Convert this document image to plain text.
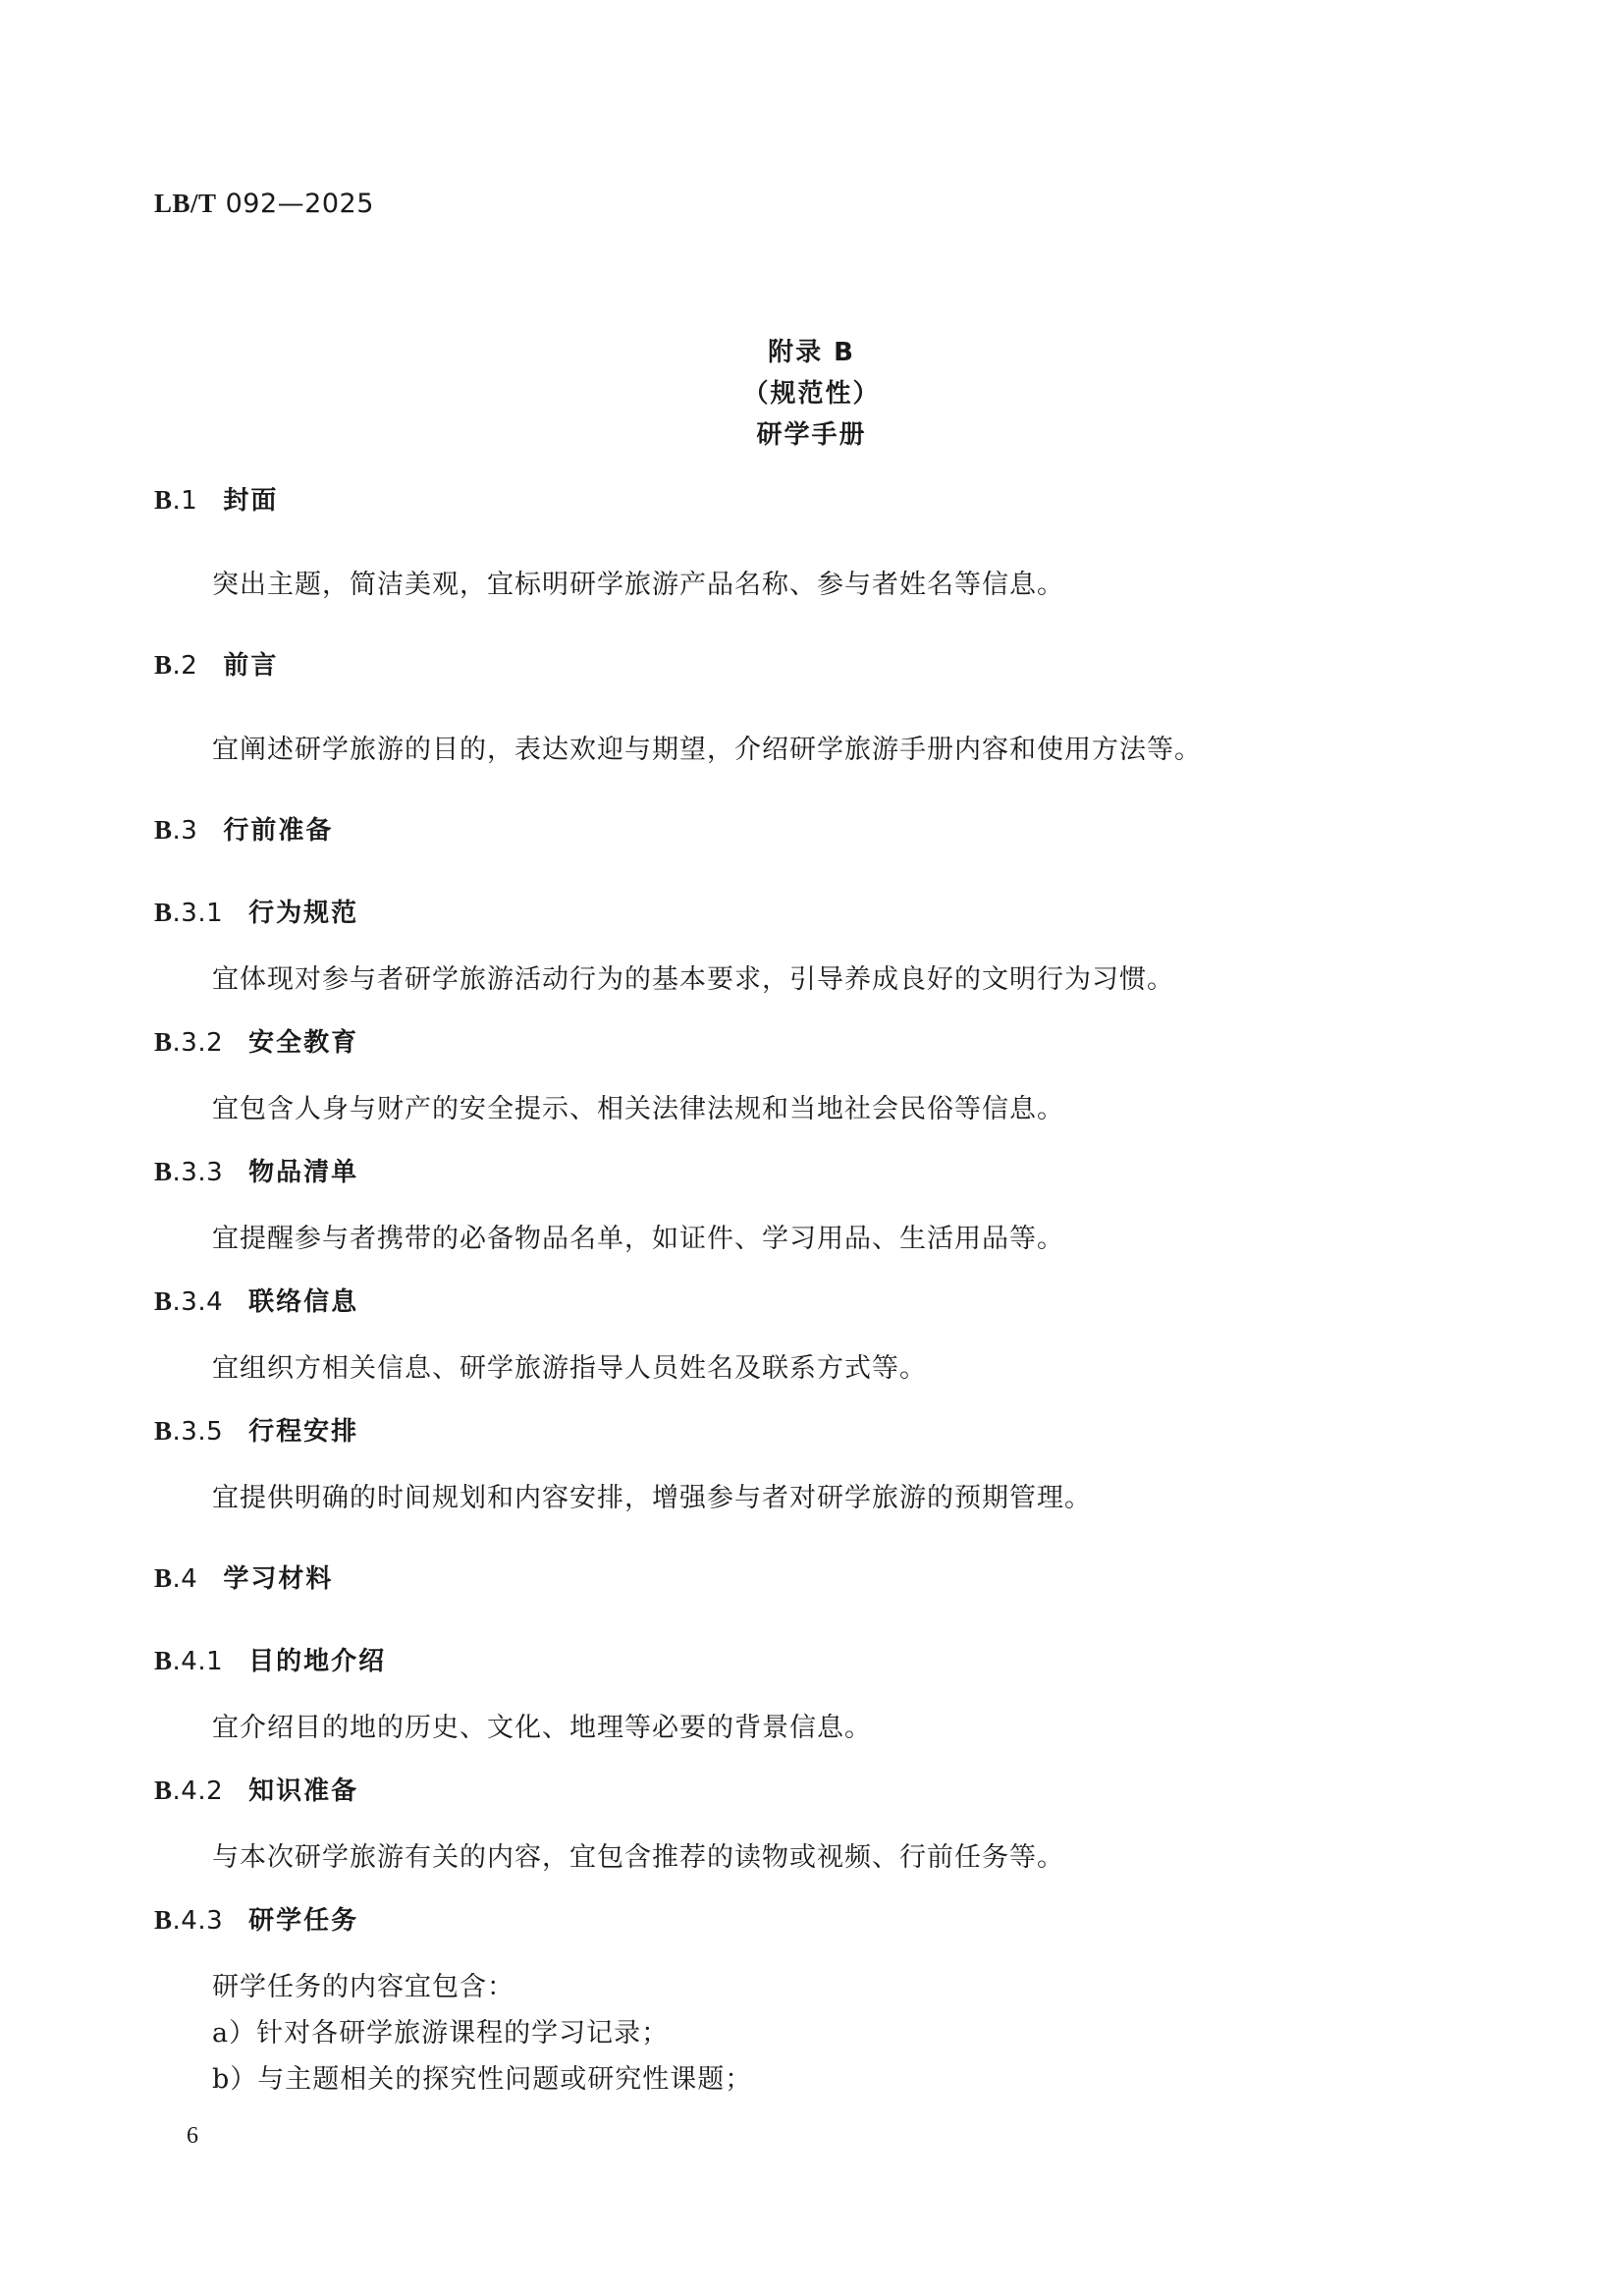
LB/T 092—2025
附录 B
（规范性）
研学手册
B.1 封面
突出主题，简洁美观，宜标明研学旅游产品名称、参与者姓名等信息。
B.2 前言
宜阐述研学旅游的目的，表达欢迎与期望，介绍研学旅游手册内容和使用方法等。
B.3 行前准备
B.3.1 行为规范
宜体现对参与者研学旅游活动行为的基本要求，引导养成良好的文明行为习惯。
B.3.2 安全教育
宜包含人身与财产的安全提示、相关法律法规和当地社会民俗等信息。
B.3.3 物品清单
宜提醒参与者携带的必备物品名单，如证件、学习用品、生活用品等。
B.3.4 联络信息
宜组织方相关信息、研学旅游指导人员姓名及联系方式等。
B.3.5 行程安排
宜提供明确的时间规划和内容安排，增强参与者对研学旅游的预期管理。
B.4 学习材料
B.4.1 目的地介绍
宜介绍目的地的历史、文化、地理等必要的背景信息。
B.4.2 知识准备
与本次研学旅游有关的内容，宜包含推荐的读物或视频、行前任务等。
B.4.3 研学任务
研学任务的内容宜包含：
a）针对各研学旅游课程的学习记录；
b）与主题相关的探究性问题或研究性课题；
6
